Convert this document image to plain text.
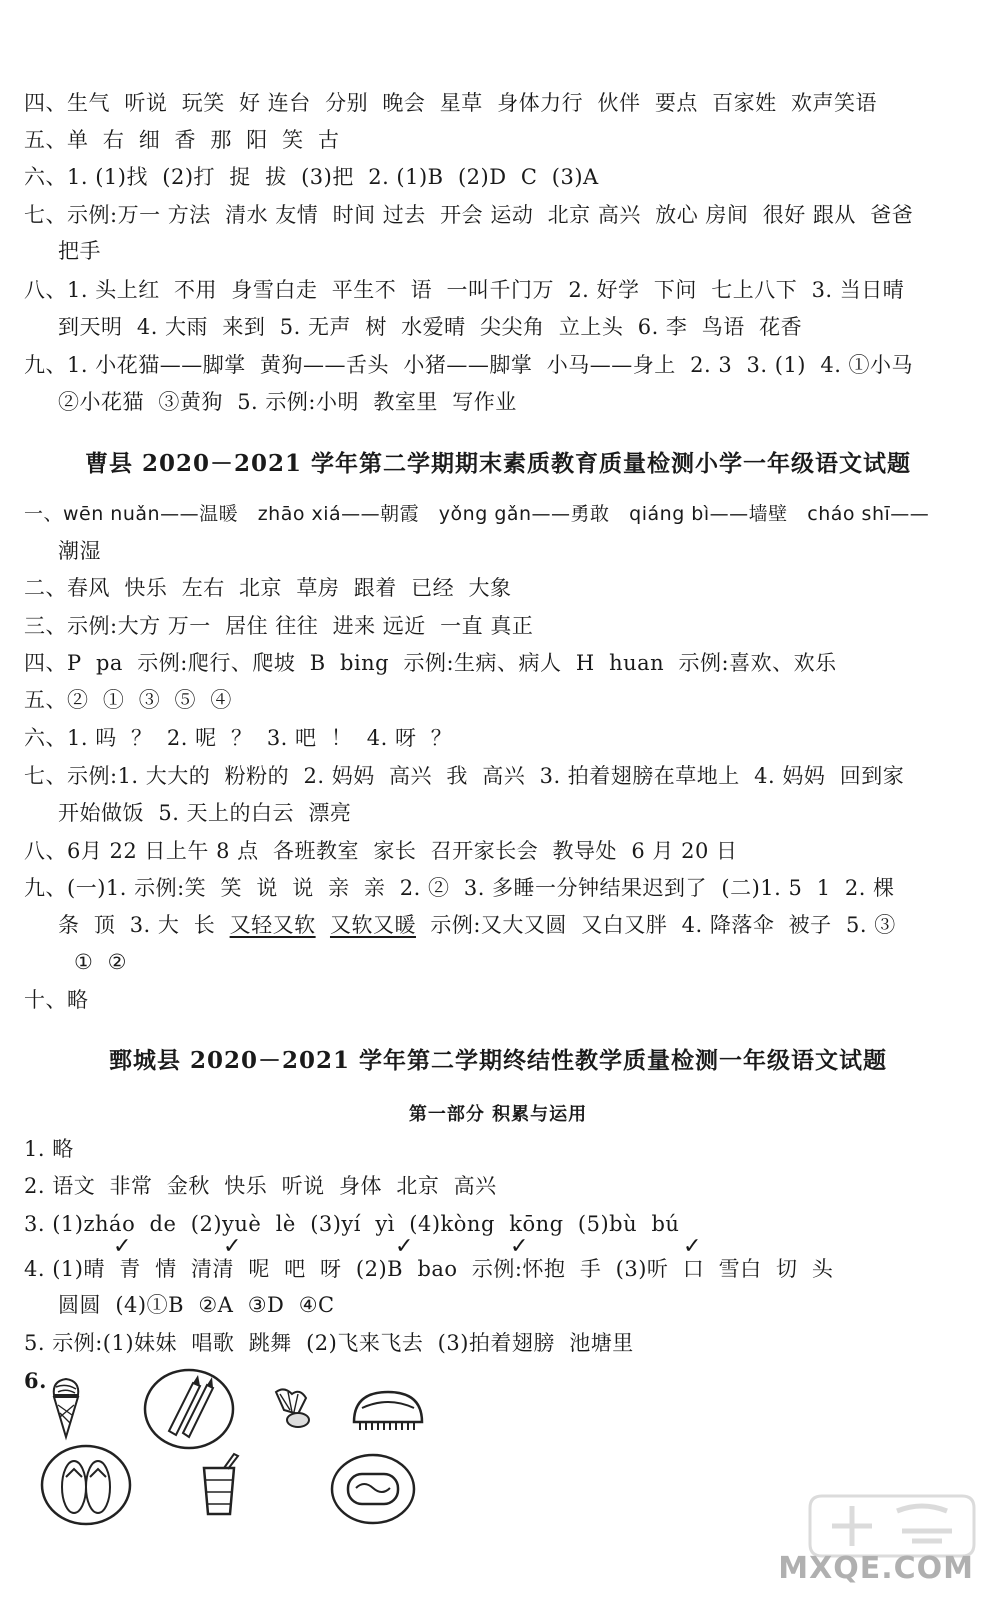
四、生气  听说  玩笑  好 连台  分别  晚会  星草  身体力行  伙伴  要点  百家姓  欢声笑语
五、单  右  细  香  那  阳  笑  古
六、1. (1)找  (2)打  捉  拔  (3)把  2. (1)B  (2)D  C  (3)A
七、示例:万一 方法  清水 友情  时间 过去  开会 运动  北京 高兴  放心 房间  很好 跟从  爸爸
把手
八、1. 头上红  不用  身雪白走  平生不  语  一叫千门万  2. 好学  下问  七上八下  3. 当日晴
到天明  4. 大雨  来到  5. 无声  树  水爱晴  尖尖角  立上头  6. 李  鸟语  花香
九、1. 小花猫——脚掌  黄狗——舌头  小猪——脚掌  小马——身上  2. 3  3. (1)  4. ①小马
②小花猫  ③黄狗  5. 示例:小明  教室里  写作业
曹县 2020－2021 学年第二学期期末素质教育质量检测小学一年级语文试题
一、wēn nuǎn——温暖   zhāo xiá——朝霞   yǒng gǎn——勇敢   qiáng bì——墙壁   cháo shī——
潮湿
二、春风  快乐  左右  北京  草房  跟着  已经  大象
三、示例:大方 万一  居住 往往  进来 远近  一直 真正
四、P  pa  示例:爬行、爬坡  B  bing  示例:生病、病人  H  huan  示例:喜欢、欢乐
五、②  ①  ③  ⑤  ④
六、1. 吗  ？  2. 呢  ？  3. 吧  ！  4. 呀  ？
七、示例:1. 大大的  粉粉的  2. 妈妈  高兴  我  高兴  3. 拍着翅膀在草地上  4. 妈妈  回到家
开始做饭  5. 天上的白云  漂亮
八、6月 22 日上午 8 点  各班教室  家长  召开家长会  教导处  6 月 20 日
九、(一)1. 示例:笑  笑  说  说  亲  亲  2. ②  3. 多睡一分钟结果迟到了  (二)1. 5  1  2. 棵
条  顶  3. 大  长  又轻又软 又软又暖  示例:又大又圆  又白又胖  4. 降落伞  被子  5. ③
①  ②
十、略
鄄城县 2020－2021 学年第二学期终结性教学质量检测一年级语文试题
第一部分 积累与运用
1. 略
2. 语文  非常  金秋  快乐  听说  身体  北京  高兴
3. (1)zháo  de  (2)yuè  lè  (3)yí  yì  (4)kòng  kōng  (5)bù  bú
✓	✓	✓	✓	✓
4. (1)晴  青  情  清清  呢  吧  呀  (2)B  bao  示例:怀抱  手  (3)听  口  雪白  切  头
圆圆  (4)①B  ②A  ③D  ④C
5. 示例:(1)妹妹  唱歌  跳舞  (2)飞来飞去  (3)拍着翅膀  池塘里
6.
MXQE.COM
